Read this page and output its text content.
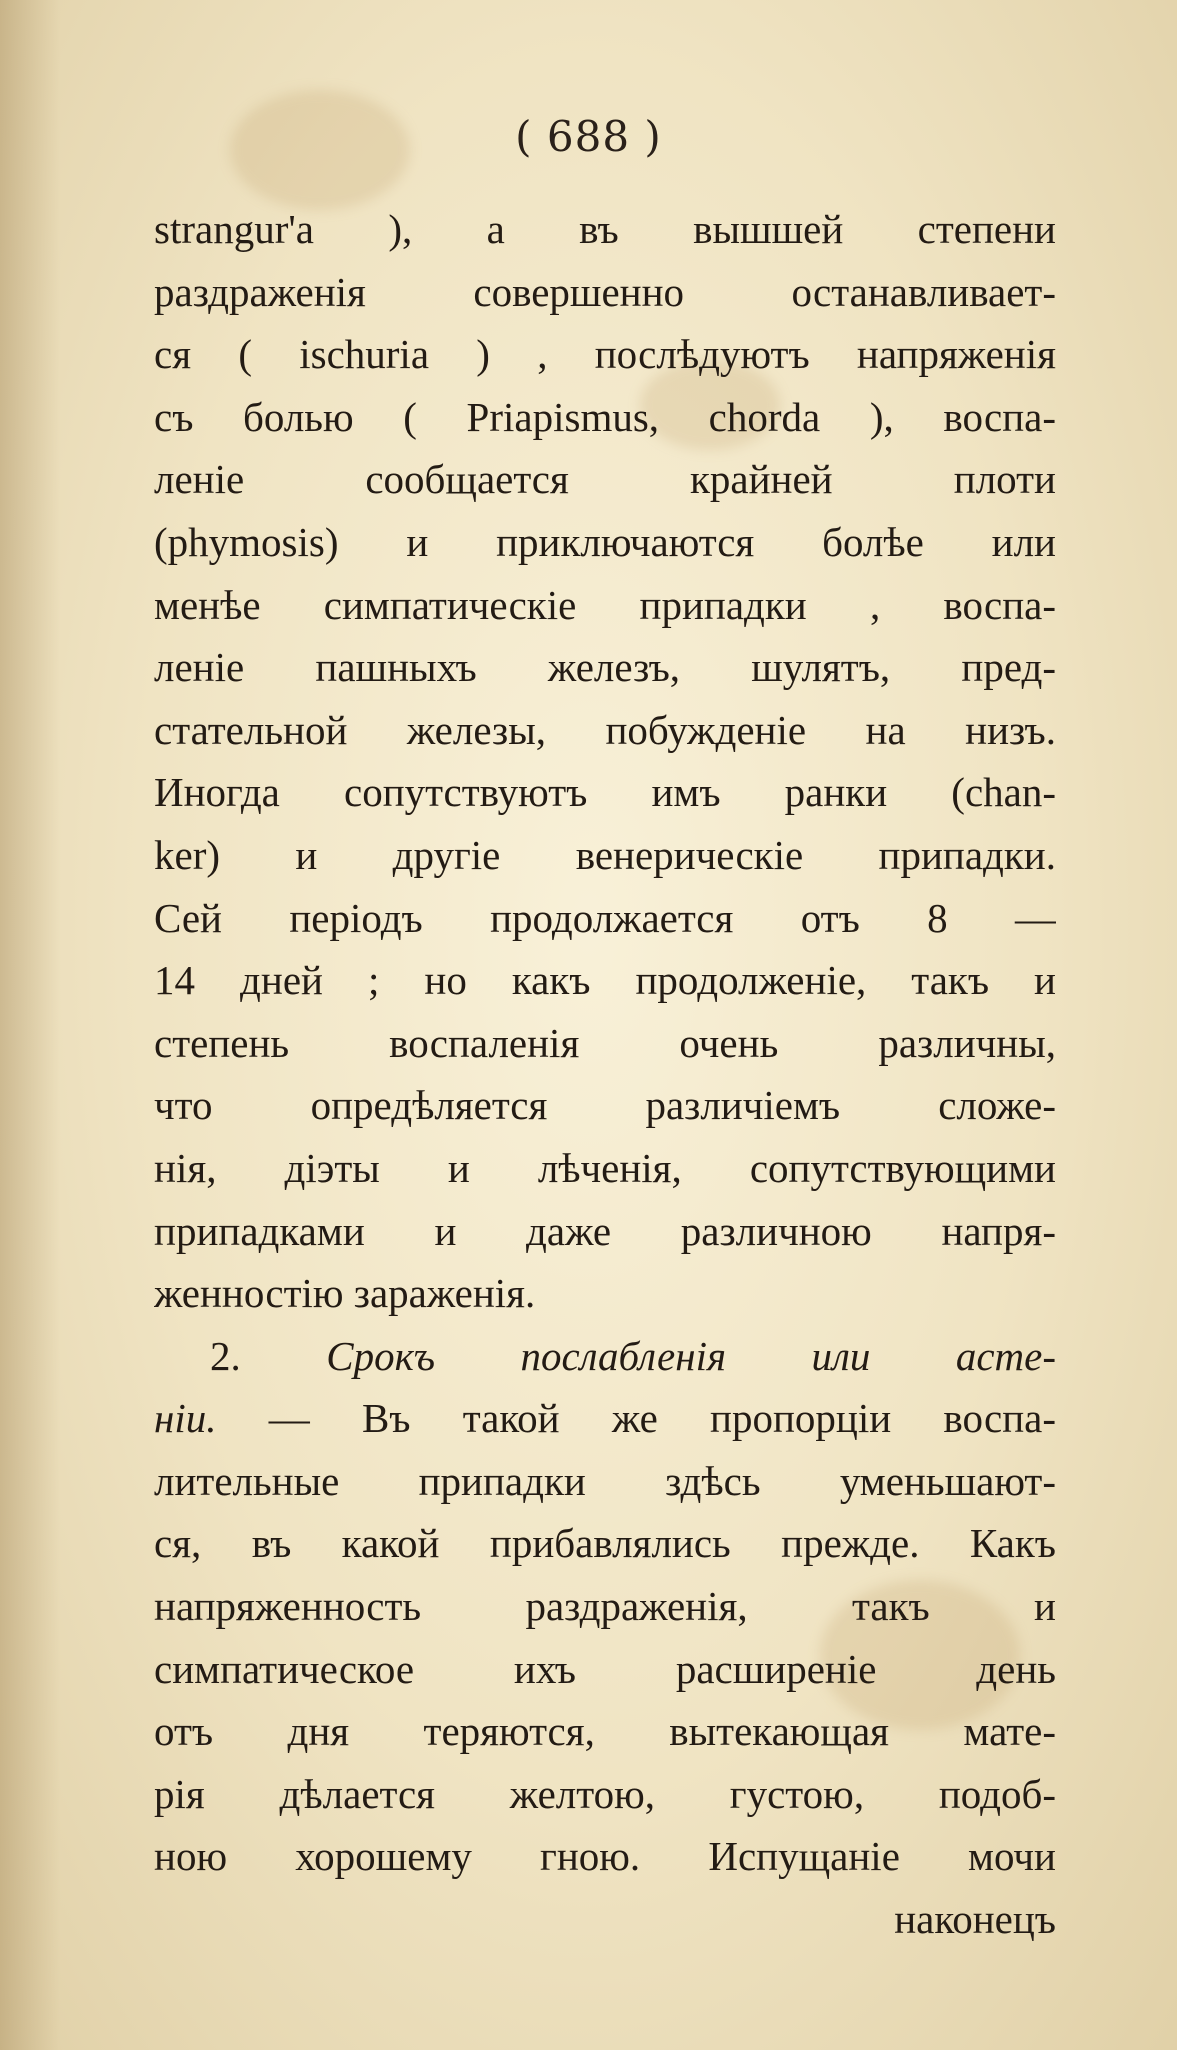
( 688 )
strangur'a ), а въ вышшей степени
раздраженія совершенно останавливает-
ся ( ischuria ) , послѣдуютъ напряженія
съ болью ( Priapismus, chorda ), воспа-
леніе сообщается крайней плоти
(phymosis) и приключаются болѣе или
менѣе симпатическіе припадки , воспа-
леніе пашныхъ железъ, шулятъ, пред-
стательной железы, побужденіе на низъ.
Иногда сопутствуютъ имъ ранки (chan-
ker) и другіе венерическіе припадки.
Сей періодъ продолжается отъ 8 —
14 дней ; но какъ продолженіе, такъ и
степень воспаленія очень различны,
что опредѣляется различіемъ сложе-
нія, діэты и лѣченія, сопутствующими
припадками и даже различною напря-
женностію зараженія.
2. Срокъ послабленія или асте-
ніи. — Въ такой же пропорціи воспа-
лительные припадки здѣсь уменьшают-
ся, въ какой прибавлялись прежде. Какъ
напряженность раздраженія, такъ и
симпатическое ихъ расширеніе день
отъ дня теряются, вытекающая мате-
рія дѣлается желтою, густою, подоб-
ною хорошему гною. Испущаніе мочи
наконецъ
